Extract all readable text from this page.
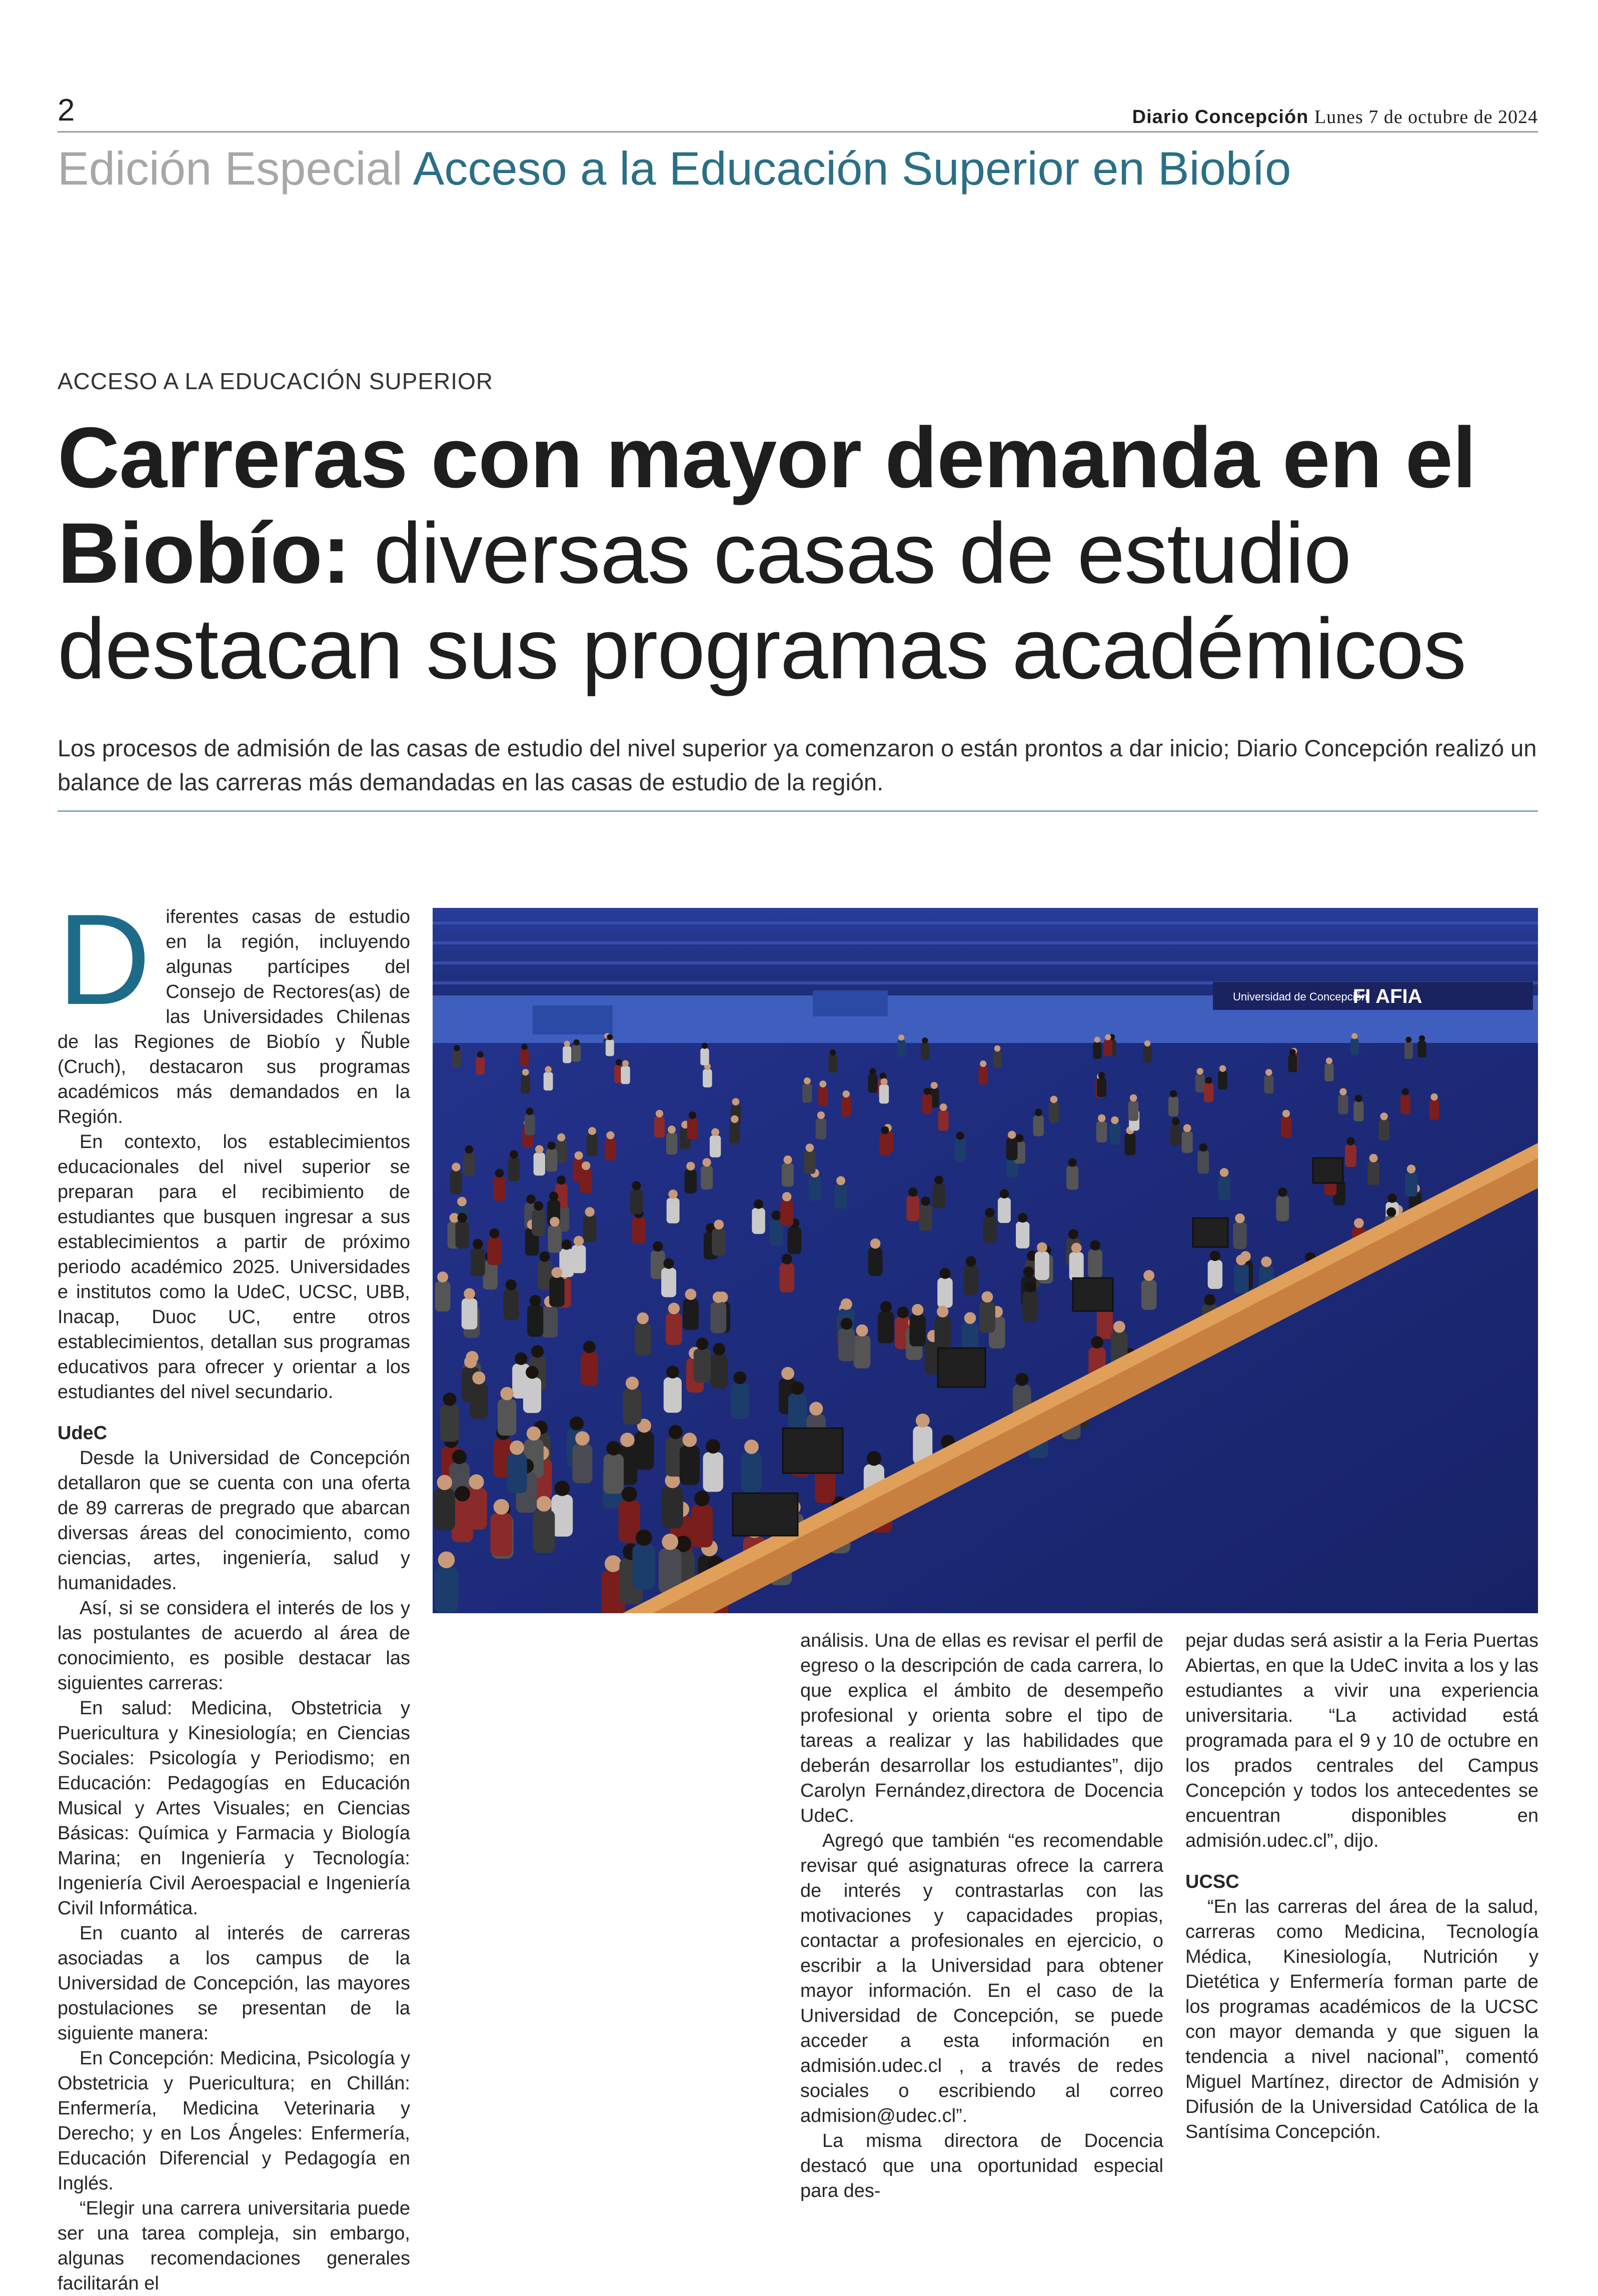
2	Diario Concepción Lunes 7 de octubre de 2024
Edición Especial Acceso a la Educación Superior en Biobío
ACCESO A LA EDUCACIÓN SUPERIOR
Carreras con mayor demanda en el Biobío: diversas casas de estudio destacan sus programas académicos
Los procesos de admisión de las casas de estudio del nivel superior ya comenzaron o están prontos a dar inicio; Diario Concepción realizó un balance de las carreras más demandadas en las casas de estudio de la región.
D iferentes casas de estudio en la región, incluyendo algunas partícipes del Consejo de Rectores(as) de las Universidades Chilenas de las Regiones de Biobío y Ñuble (Cruch), destacaron sus programas académicos más demandados en la Región.

En contexto, los establecimientos educacionales del nivel superior se preparan para el recibimiento de estudiantes que busquen ingresar a sus establecimientos a partir de próximo periodo académico 2025. Universidades e institutos como la UdeC, UCSC, UBB, Inacap, Duoc UC, entre otros establecimientos, detallan sus programas educativos para ofrecer y orientar a los estudiantes del nivel secundario.

UdeC

Desde la Universidad de Concepción detallaron que se cuenta con una oferta de 89 carreras de pregrado que abarcan diversas áreas del conocimiento, como ciencias, artes, ingeniería, salud y humanidades.

Así, si se considera el interés de los y las postulantes de acuerdo al área de conocimiento, es posible destacar las siguientes carreras:

En salud: Medicina, Obstetricia y Puericultura y Kinesiología; en Ciencias Sociales: Psicología y Periodismo; en Educación: Pedagogías en Educación Musical y Artes Visuales; en Ciencias Básicas: Química y Farmacia y Biología Marina; en Ingeniería y Tecnología: Ingeniería Civil Aeroespacial e Ingeniería Civil Informática.

En cuanto al interés de carreras asociadas a los campus de la Universidad de Concepción, las mayores postulaciones se presentan de la siguiente manera:

En Concepción: Medicina, Psicología y Obstetricia y Puericultura; en Chillán: Enfermería, Medicina Veterinaria y Derecho; y en Los Ángeles: Enfermería, Educación Diferencial y Pedagogía en Inglés.

“Elegir una carrera universitaria puede ser una tarea compleja, sin embargo, algunas recomendaciones generales facilitarán el

FI AFIA
Universidad de Concepción

análisis. Una de ellas es revisar el perfil de egreso o la descripción de cada carrera, lo que explica el ámbito de desempeño profesional y orienta sobre el tipo de tareas a realizar y las habilidades que deberán desarrollar los estudiantes”, dijo Carolyn Fernández,directora de Docencia UdeC.

Agregó que también “es recomendable revisar qué asignaturas ofrece la carrera de interés y contrastarlas con las motivaciones y capacidades propias, contactar a profesionales en ejercicio, o escribir a la Universidad para obtener mayor información. En el caso de la Universidad de Concepción, se puede acceder a esta información en admisión.udec.cl , a través de redes sociales o escribiendo al correo admision@udec.cl”.

La misma directora de Docencia destacó que una oportunidad especial para des-

pejar dudas será asistir a la Feria Puertas Abiertas, en que la UdeC invita a los y las estudiantes a vivir una experiencia universitaria. “La actividad está programada para el 9 y 10 de octubre en los prados centrales del Campus Concepción y todos los antecedentes se encuentran disponibles en admisión.udec.cl”, dijo.

UCSC

“En las carreras del área de la salud, carreras como Medicina, Tecnología Médica, Kinesiología, Nutrición y Dietética y Enfermería forman parte de los programas académicos de la UCSC con mayor demanda y que siguen la tendencia a nivel nacional”, comentó Miguel Martínez, director de Admisión y Difusión de la Universidad Católica de la Santísima Concepción.
